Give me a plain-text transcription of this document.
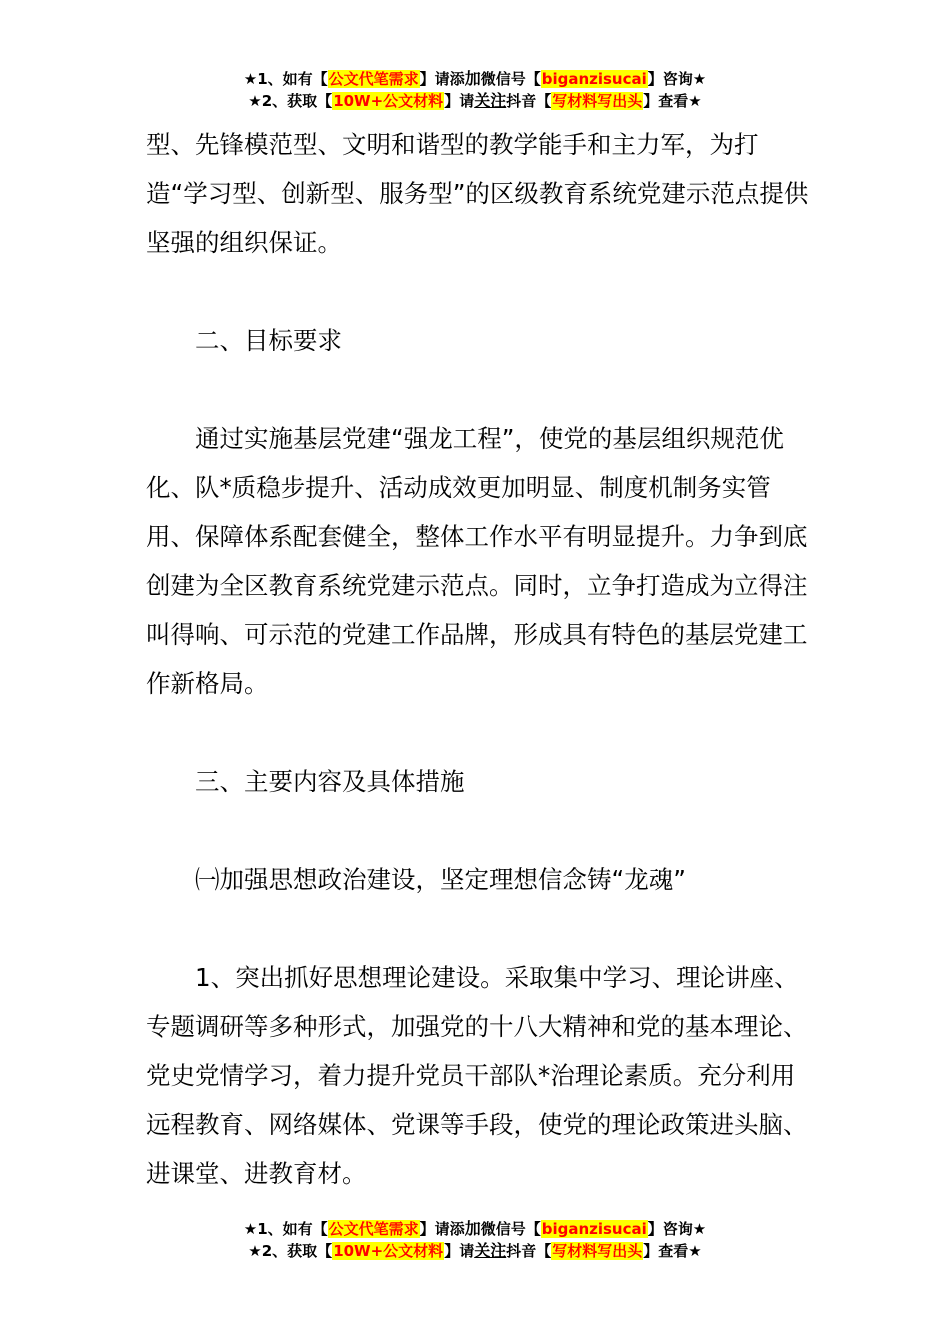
★1、如有【公文代笔需求】请添加微信号【biganzisucai】咨询★
★2、获取【10W+公文材料】请关注抖音【写材料写出头】查看★

型、先锋模范型、文明和谐型的教学能手和主力军，为打造“学习型、创新型、服务型”的区级教育系统党建示范点提供坚强的组织保证。

二、目标要求

通过实施基层党建“强龙工程”，使党的基层组织规范优化、队*质稳步提升、活动成效更加明显、制度机制务实管用、保障体系配套健全，整体工作水平有明显提升。力争到底创建为全区教育系统党建示范点。同时，立争打造成为立得注叫得响、可示范的党建工作品牌，形成具有特色的基层党建工作新格局。

三、主要内容及具体措施

㈠加强思想政治建设，坚定理想信念铸“龙魂”

1、突出抓好思想理论建设。采取集中学习、理论讲座、专题调研等多种形式，加强党的十八大精神和党的基本理论、党史党情学习，着力提升党员干部队*治理论素质。充分利用远程教育、网络媒体、党课等手段，使党的理论政策进头脑、进课堂、进教育材。

★1、如有【公文代笔需求】请添加微信号【biganzisucai】咨询★
★2、获取【10W+公文材料】请关注抖音【写材料写出头】查看★
